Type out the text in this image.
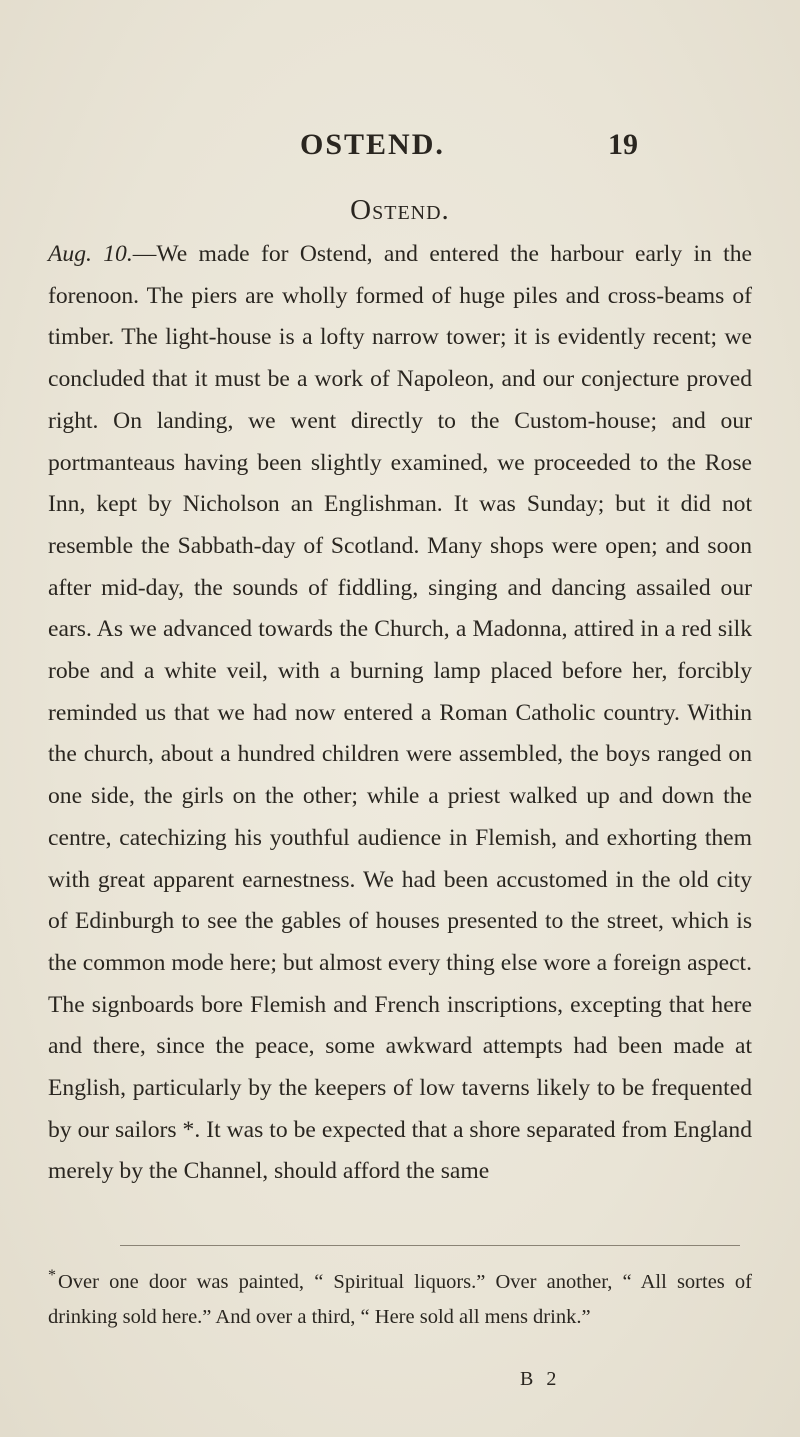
OSTEND.	19
Ostend.

Aug. 10.—We made for Ostend, and entered the harbour early in the forenoon. The piers are wholly formed of huge piles and cross-beams of timber. The light-house is a lofty narrow tower; it is evidently recent; we concluded that it must be a work of Napoleon, and our conjecture proved right. On landing, we went directly to the Custom-house; and our portmanteaus having been slightly examined, we proceeded to the Rose Inn, kept by Nicholson an Englishman. It was Sunday; but it did not resemble the Sabbath-day of Scotland. Many shops were open; and soon after mid-day, the sounds of fiddling, singing and dancing assailed our ears. As we advanced towards the Church, a Madonna, attired in a red silk robe and a white veil, with a burning lamp placed before her, forcibly reminded us that we had now entered a Roman Catholic country. Within the church, about a hundred children were assembled, the boys ranged on one side, the girls on the other; while a priest walked up and down the centre, catechizing his youthful audience in Flemish, and exhorting them with great apparent earnestness. We had been accustomed in the old city of Edinburgh to see the gables of houses presented to the street, which is the common mode here; but almost every thing else wore a foreign aspect. The signboards bore Flemish and French inscriptions, excepting that here and there, since the peace, some awkward attempts had been made at English, particularly by the keepers of low taverns likely to be frequented by our sailors *. It was to be expected that a shore separated from England merely by the Channel, should afford the same

*Over one door was painted, “ Spiritual liquors.” Over another, “ All sortes of drinking sold here.” And over a third, “ Here sold all mens drink.”

B 2
